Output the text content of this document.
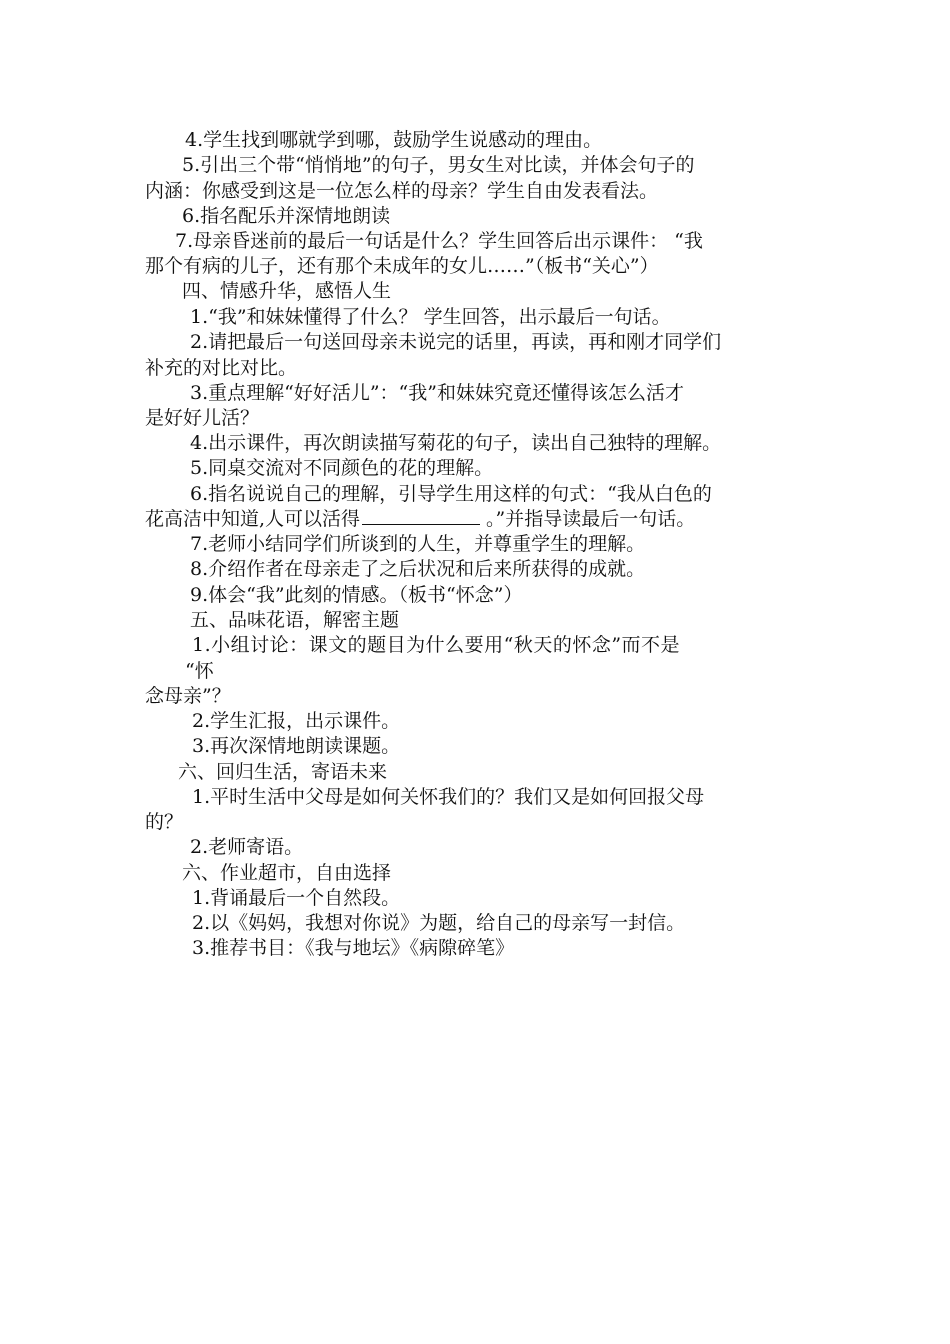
4.学生找到哪就学到哪，鼓励学生说感动的理由。
5.引出三个带“悄悄地”的句子，男女生对比读，并体会句子的
内涵：你感受到这是一位怎么样的母亲？学生自由发表看法。
6.指名配乐并深情地朗读
7.母亲昏迷前的最后一句话是什么？学生回答后出示课件： “我
那个有病的儿子，还有那个未成年的女儿……”（板书“关心”）
四、情感升华，感悟人生
1.“我”和妹妹懂得了什么？ 学生回答，出示最后一句话。
2.请把最后一句送回母亲未说完的话里，再读，再和刚才同学们
补充的对比对比。
3.重点理解“好好活儿”：“我”和妹妹究竟还懂得该怎么活才
是好好儿活？
4.出示课件，再次朗读描写菊花的句子，读出自己独特的理解。
5.同桌交流对不同颜色的花的理解。
6.指名说说自己的理解，引导学生用这样的句式：“我从白色的
花高洁中知道,人可以活得	。”并指导读最后一句话。
7.老师小结同学们所谈到的人生，并尊重学生的理解。
8.介绍作者在母亲走了之后状况和后来所获得的成就。
9.体会“我”此刻的情感。（板书“怀念”）
五、品味花语，解密主题
1.小组讨论：课文的题目为什么要用“秋天的怀念”而不是
“怀
念母亲”？
2.学生汇报，出示课件。
3.再次深情地朗读课题。
六、回归生活，寄语未来
1.平时生活中父母是如何关怀我们的？我们又是如何回报父母
的？
2.老师寄语。
六、作业超市，自由选择
1.背诵最后一个自然段。
2.以《妈妈，我想对你说》为题，给自己的母亲写一封信。
3.推荐书目：《我与地坛》《病隙碎笔》
